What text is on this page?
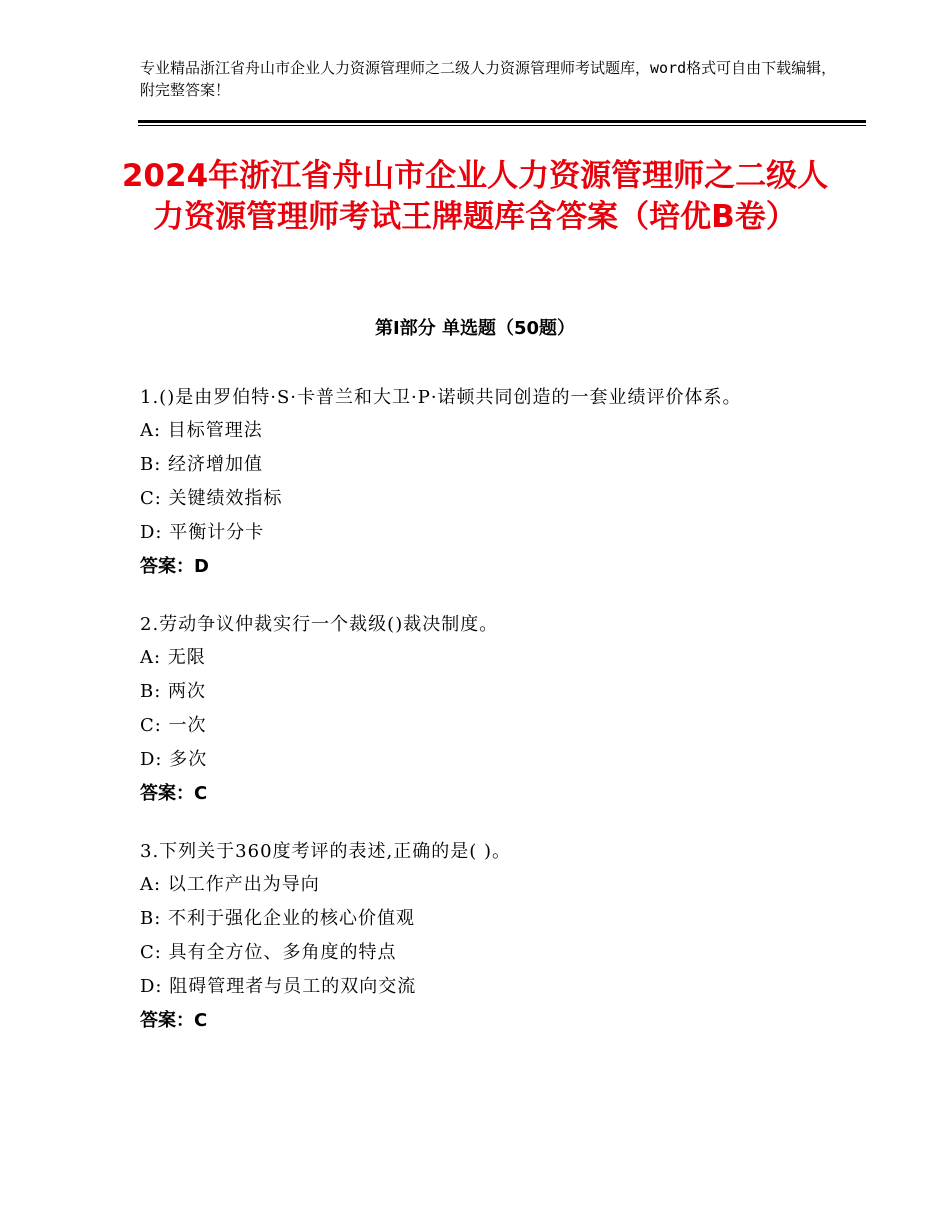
专业精品浙江省舟山市企业人力资源管理师之二级人力资源管理师考试题库，word格式可自由下载编辑，附完整答案！
2024年浙江省舟山市企业人力资源管理师之二级人力资源管理师考试王牌题库含答案（培优B卷）
第Ⅰ部分 单选题（50题）
1.()是由罗伯特·S·卡普兰和大卫·P·诺顿共同创造的一套业绩评价体系。
A: 目标管理法
B: 经济增加值
C: 关键绩效指标
D: 平衡计分卡
答案：D
2.劳动争议仲裁实行一个裁级()裁决制度。
A: 无限
B: 两次
C: 一次
D: 多次
答案：C
3.下列关于360度考评的表述,正确的是( )。
A: 以工作产出为导向
B: 不利于强化企业的核心价值观
C: 具有全方位、多角度的特点
D: 阻碍管理者与员工的双向交流
答案：C
